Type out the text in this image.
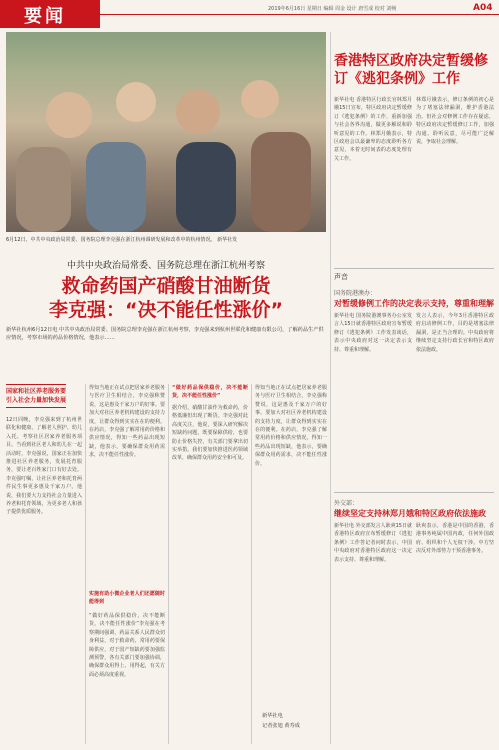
要闻	2019年6月16日 星期日 编辑 周金 设计 唐雪成 校对 刘畅	A04
6月12日，中共中央政治局常委、国务院总理李克强在浙江杭州调研发展和改革中的杭州情况。 新华社发
中共中央政治局常委、国务院总理在浙江杭州考察
救命药国产硝酸甘油断货
李克强：“决不能任性涨价”
新华社杭州6月12日电 中共中央政治局常委、国务院总理李克强在浙江杭州考察，李克强来到杭州世联化和健康有限公司，了解药品生产供应情况，考察市场的药品价格情况，他表示……
国家和社区养老服务要引入社会力量加快发展
12日同晚，李克强来到了杭州世联化和健康，了解老人照护、幼儿入托、考察社区居家养老服务项目。当看到社区老人和幼儿在一起活动时，李克强说，国家正在加快推进社区养老服务，发展托育服务，要让老百姓家门口有好去处。李克强叮嘱，让社区养老和托育两件民生事更多惠及千家万户。他说，我们要大力支持社会力量进入养老和托育领域，为更多老人和孩子提供优质服务。
得知当地正在试点把居家养老服务与医疗卫生相结合，李克强称赞说，这是惠及千家万户的好事。要加大对社区养老机构建设的支持力度，让群众得到实实在在的便利。在药店，李克强了解常用药价格和供应情况，得知一些药品出现短缺，他表示，要确保群众用药需求，决不能任性涨价。
实施有助小微企业老人们还愿随时能得到
“做好药品保供稳价，决不能断货，决不能任性涨价”李克强在考察期间强调，药品关系人民群众切身利益，对于救命药、常用药要保障供应，对于国产短缺药要加强监测预警，各有关部门要加强协调，确保群众用得上、用得起，有关方面必须高度重视。
“做好药品保供稳价，决不能断货，决不能任性涨价”
据介绍，硝酸甘油作为救命药，价格低廉但出现了断货。李克强对此高度关注，他说，要深入研究解决短缺药问题，既要保障供给，也要防止价格失控，有关部门要拿出切实举措。我们要加快推进医药领域改革，确保群众用药安全和可及。
得知当地正在试点把居家养老服务与医疗卫生相结合，李克强称赞说，这是惠及千家万户的好事。要加大对社区养老机构建设的支持力度，让群众得到实实在在的便利。在药店，李克强了解常用药价格和供应情况，得知一些药品出现短缺，他表示，要确保群众用药需求，决不能任性涨价。
新华社电
记者张旭 黄寿成
香港特区政府决定暂缓修订《逃犯条例》工作
新华社电 香港特区行政长官林郑月娥15日宣布，特区政府决定暂缓修订《逃犯条例》的工作，重新加强与社会各界沟通，做更多解说和聆听意见的工作。林郑月娥表示，特区政府会以最谦卑的态度聆听各方意见，本着无时间表的态度处理有关工作。
林郑月娥表示，修订条例的初心是为了堵塞法律漏洞，维护香港法治。但社会对修例工作存在疑虑，特区政府决定暂缓修订工作，加强沟通、聆听民意，尽可能广泛解说，争取社会理解。
声音
国务院港澳办：
对暂缓修例工作的决定表示支持，尊重和理解
新华社电 国务院港澳事务办公室发言人15日就香港特区政府宣布暂缓修订《逃犯条例》工作发表谈话，表示中央政府对这一决定表示支持、尊重和理解。
发言人表示，今年3月香港特区政府启动修例工作，目的是堵塞法律漏洞，是正当合理的。中央政府将继续坚定支持行政长官和特区政府依法施政。
外交部：
继续坚定支持林郑月娥和特区政府依法施政
新华社电 外交部发言人耿爽15日就香港特区政府宣布暂缓修订《逃犯条例》工作答记者问时表示，中国中央政府对香港特区政府这一决定表示支持、尊重和理解。
耿爽表示，香港是中国的香港，香港事务纯属中国内政，任何外国政府、组织和个人无权干涉。中方坚决反对外部势力干预香港事务。
